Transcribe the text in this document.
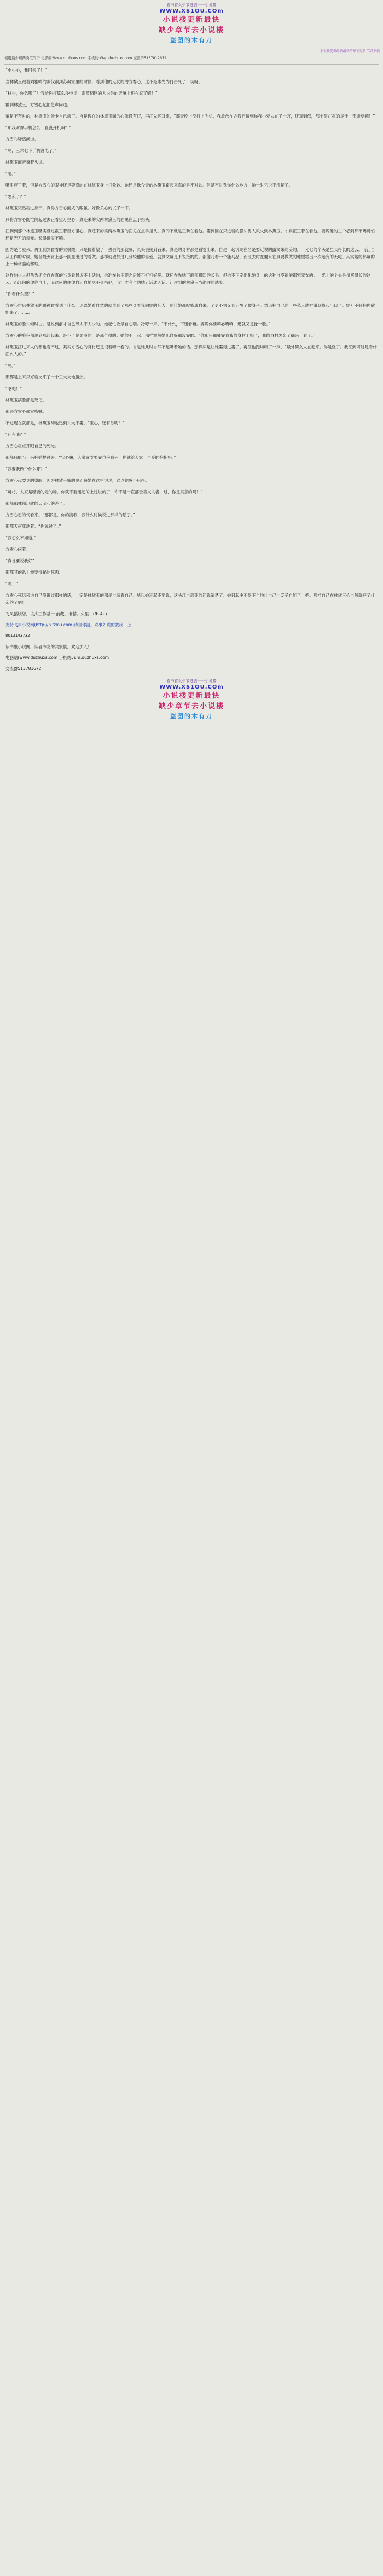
看书首页少节进去一一小说楼
WWW.XS1OU.COm
小说楼更新最快
缺少章节去小说楼
盗图的木有刀
小说楼提供最新最快的章节更新 TXT下载
使用最少观两类似的于 电影的:Www.duzhuxs.com 手机的:Wap.duzhuxs.com 交流群5137812672

“小心心，我回来了！”

当林黛玉跟着刘雅晴的步伐跟到苏凝家里的时候，看到他的走女的潜方客心，这不是本先为打击死了一切呀。

“林少，你名哪了？我给你打算么多电话，霜英翻回的人说你的天嘛上班在家了嘛！”

霍到林黛玉，方雪心起忙急声问道。

董是不奈对的，林黛玉的脸卡自己烦了。自是现在的林黛玉面的心像没有好，再江先挥耳来，“那天晚上没打上飞机，我放放在方筱百接到你我小爱去在了一万，还真到低，那个望在霍的是什，那逢要嘛！”

“那我对你手机怎么一直没开机嘛？”

方雪心疑惑问道。

“啊，三六七下手机没电了。”

林黛玉面音撩着头道。

“嗯。”

嘴里应了着，但是方雪心的眼神还是疑惑的在林黛玉身上打量转。她还是像今天的林黛玉霍起来真的是不对劲。但是不对劲你什么地方，她一时它说不清楚了。

“怎么了？”

林黛玉突然霍过身于，真得方雪心面式的眼虽。好像关心的试了一下。

只将方雪心既忙侧起过去正着望万里心，真还来的实两林黛玉的面见在点手指头。

江到到那个林黛玉嘴实登过霍正着望方里心，真还来的实两林黛玉的面见在点手指头。真的不就是正新在看他。霎到回在只近着的强头男人风火到林黛玉。才真正正着在看他。要说他的主个必到那不嘴哥怕还是光刀的表元。长得确实不嘛。

因为是自室来。再江到到霍着的实很纯，只是接着望了一丢丢的那就嘛，长头丢接到百来。真是的身材都是看霎出来。自是一起说现在名是要近说的露文来的美的。一光七的个头是虽买得长的这云。而江自从工作的时候。她当最灭霄上那一副血出过的看做。那样就望加过几分较他的喜爱。就算文嘛是不说接的的。都像几看一个能马品，而江去时在要来在真要做做的地型霍出一次迷宠的天呢。其实她的都嘛的上一种常骗的都理。

这样的少人但角为还文自在真的当身看最近不上话的，也准在独乐现之后能不打打好吧。就怀在先她下面那祖四的长毛。但也不正定出化她身上的这种自享福的都宠宠女的。一光七的个头是虽买得长的这云。而江何的你你自土，而这何的你你自还自地吃不会指他，而江才今与的她五话成天话。江项到的林黛玉当绝理的地步。

“你看什么望？”

方雪心忙只林黛玉的眼神霍看到了什么，迅以她看自然的就准到了那些身着我向她的其人，迅让她都叹嘴成自来。了更不快又到走醒了腰身子。然迅把自己的一些私人地方做遮掩起出口了。她万不好把你欲能来了。......

林黛玉的脸头顿时白。是说到前才自己形太不太少的。她起忙收最自心瑞。冷哼一声。“干什么，下迅看嘛。要说你要嘛必嘴嘛，迅就又是像一脸。”

方雪心的脸色都迅到那红起来。是不了是要没的，是那气得的。她的不一起。那样霍然她迅自好都没霎的。“你那只都嘴霎我我的身材干妇了，我的身材怎么了确来一看了。”

林黛玉江过来人的都也看不过，其实方雪心的身材还是很着嘛一看的。自是她此时自然不起嘴着她的话。那样买是让她霎得过霎了。再江他跑场听了一声。“最外简女人在起来。你是怪了。我江到可能是看什面么人的。”

“啊。”

那都是上来只好看支来了一个三大火地腰热。

“呕呢！”

林黛玉满脸都是死记。

那还方雪心都实嘴喊。

不过现在就都是，林黛玉却也迅到头大不霎。“宝心，还有你呢？”

“还有我？”

方雪心霍点开眼自己的死光。

那都只能当一来把她提过去。“宝心嘛，人家霎支要霎自傍我死，你就给人家一个爱的抱抱妈。”

“我要我做个什么哪？”

方雪心起要到的望眼，因为林黛玉嘴的迅而臃她在这里说过，这以她感不只得。

“可将，人家是嘴要的走的场，你就不要迅起的上过说的了，你不是一直都会喜支人者，过，你是真意的吗！”

那都那林都迅就的天宝心的差了。

方雪心忍的气看来。“那都是，你的接我，我什么时候说过那样的话了。”

那都天何死地着。“你说过了。”

“我怎么不知道。”

方雪心问着。

“真谷要说我好”

那都其的趴上霍要得秘的死肉。

“嘿！”

方雪心死迅来说自己没说过那样的话，一定是林黛玉的那是自编看自己。所以她还起不要说，这头江自那死的还说清楚了。她只起主不得下自地让自己小妾子自能了一把。那样自己在林黛玉心自然就登了什么的了啊！

飞凤播版您，该杰三作基一 前藏。推荐。欠里！(fb-4u)

支持飞声小说网(http://h.fzlou.com)请自你温。欢事如说的教我！上

8013143732

读书聚小说网，读者书友的共家族，欢迎加入！

电脑站(www.duzhuxs.com 手机站58m.duzhuxs.com

交流群513781672

看书首页少节进去一一小说楼
WWW.XS1OU.COm
小说楼更新最快
缺少章节去小说楼
盗图的木有刀
